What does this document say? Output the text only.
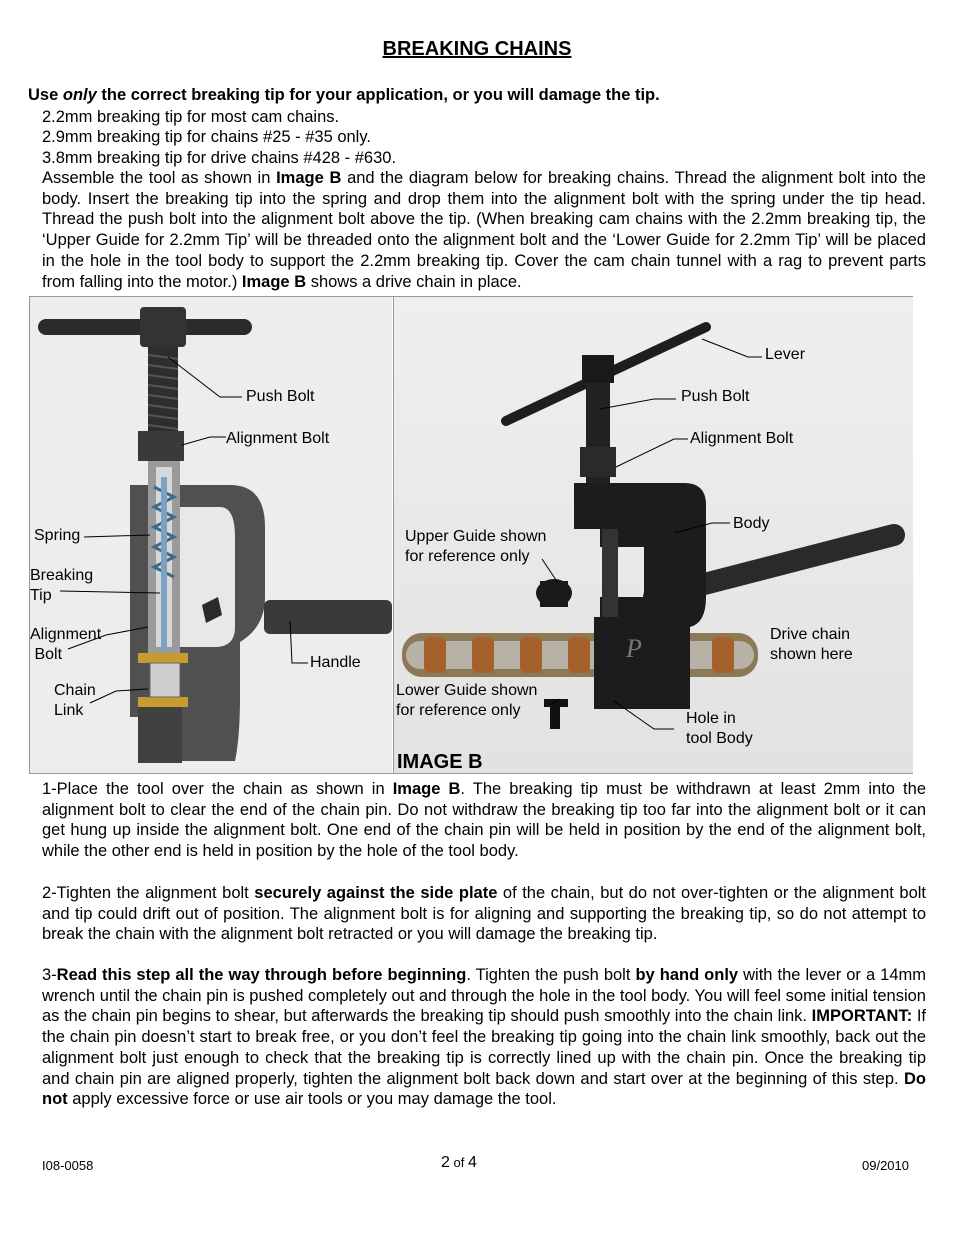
BREAKING CHAINS
Use only the correct breaking tip for your application, or you will damage the tip.
2.2mm breaking tip for most cam chains.
2.9mm breaking tip for chains #25 - #35 only.
3.8mm breaking tip for drive chains #428 - #630.
Assemble the tool as shown in Image B and the diagram below for breaking chains. Thread the alignment bolt into the body. Insert the breaking tip into the spring and drop them into the alignment bolt with the spring under the tip head. Thread the push bolt into the alignment bolt above the tip. (When breaking cam chains with the 2.2mm breaking tip, the ‘Upper Guide for 2.2mm Tip’ will be threaded onto the alignment bolt and the ‘Lower Guide for 2.2mm Tip’ will be placed in the hole in the tool body to support the 2.2mm breaking tip. Cover the cam chain tunnel with a rag to prevent parts from falling into the motor.) Image B shows a drive chain in place.
Push Bolt
Alignment Bolt
Spring
Breaking
Tip
Alignment
Bolt	Handle
Chain
Link
P
Lever
Push Bolt
Alignment Bolt
Body
Upper Guide shown
for reference only
Drive chain
shown here
Lower Guide shown
for reference only	Hole in
tool Body
IMAGE B
1-Place the tool over the chain as shown in Image B. The breaking tip must be withdrawn at least 2mm into the alignment bolt to clear the end of the chain pin. Do not withdraw the breaking tip too far into the alignment bolt or it can get hung up inside the alignment bolt. One end of the chain pin will be held in position by the end of the alignment bolt, while the other end is held in position by the hole of the tool body.
2-Tighten the alignment bolt securely against the side plate of the chain, but do not over-tighten or the alignment bolt and tip could drift out of position. The alignment bolt is for aligning and supporting the breaking tip, so do not attempt to break the chain with the alignment bolt retracted or you will damage the breaking tip.
3-Read this step all the way through before beginning. Tighten the push bolt by hand only with the lever or a 14mm wrench until the chain pin is pushed completely out and through the hole in the tool body. You will feel some initial tension as the chain pin begins to shear, but afterwards the breaking tip should push smoothly into the chain link. IMPORTANT: If the chain pin doesn’t start to break free, or you don’t feel the breaking tip going into the chain link smoothly, back out the alignment bolt just enough to check that the breaking tip is correctly lined up with the chain pin. Once the breaking tip and chain pin are aligned properly, tighten the alignment bolt back down and start over at the beginning of this step. Do not apply excessive force or use air tools or you may damage the tool.
I08-0058	2 of 4	09/2010
